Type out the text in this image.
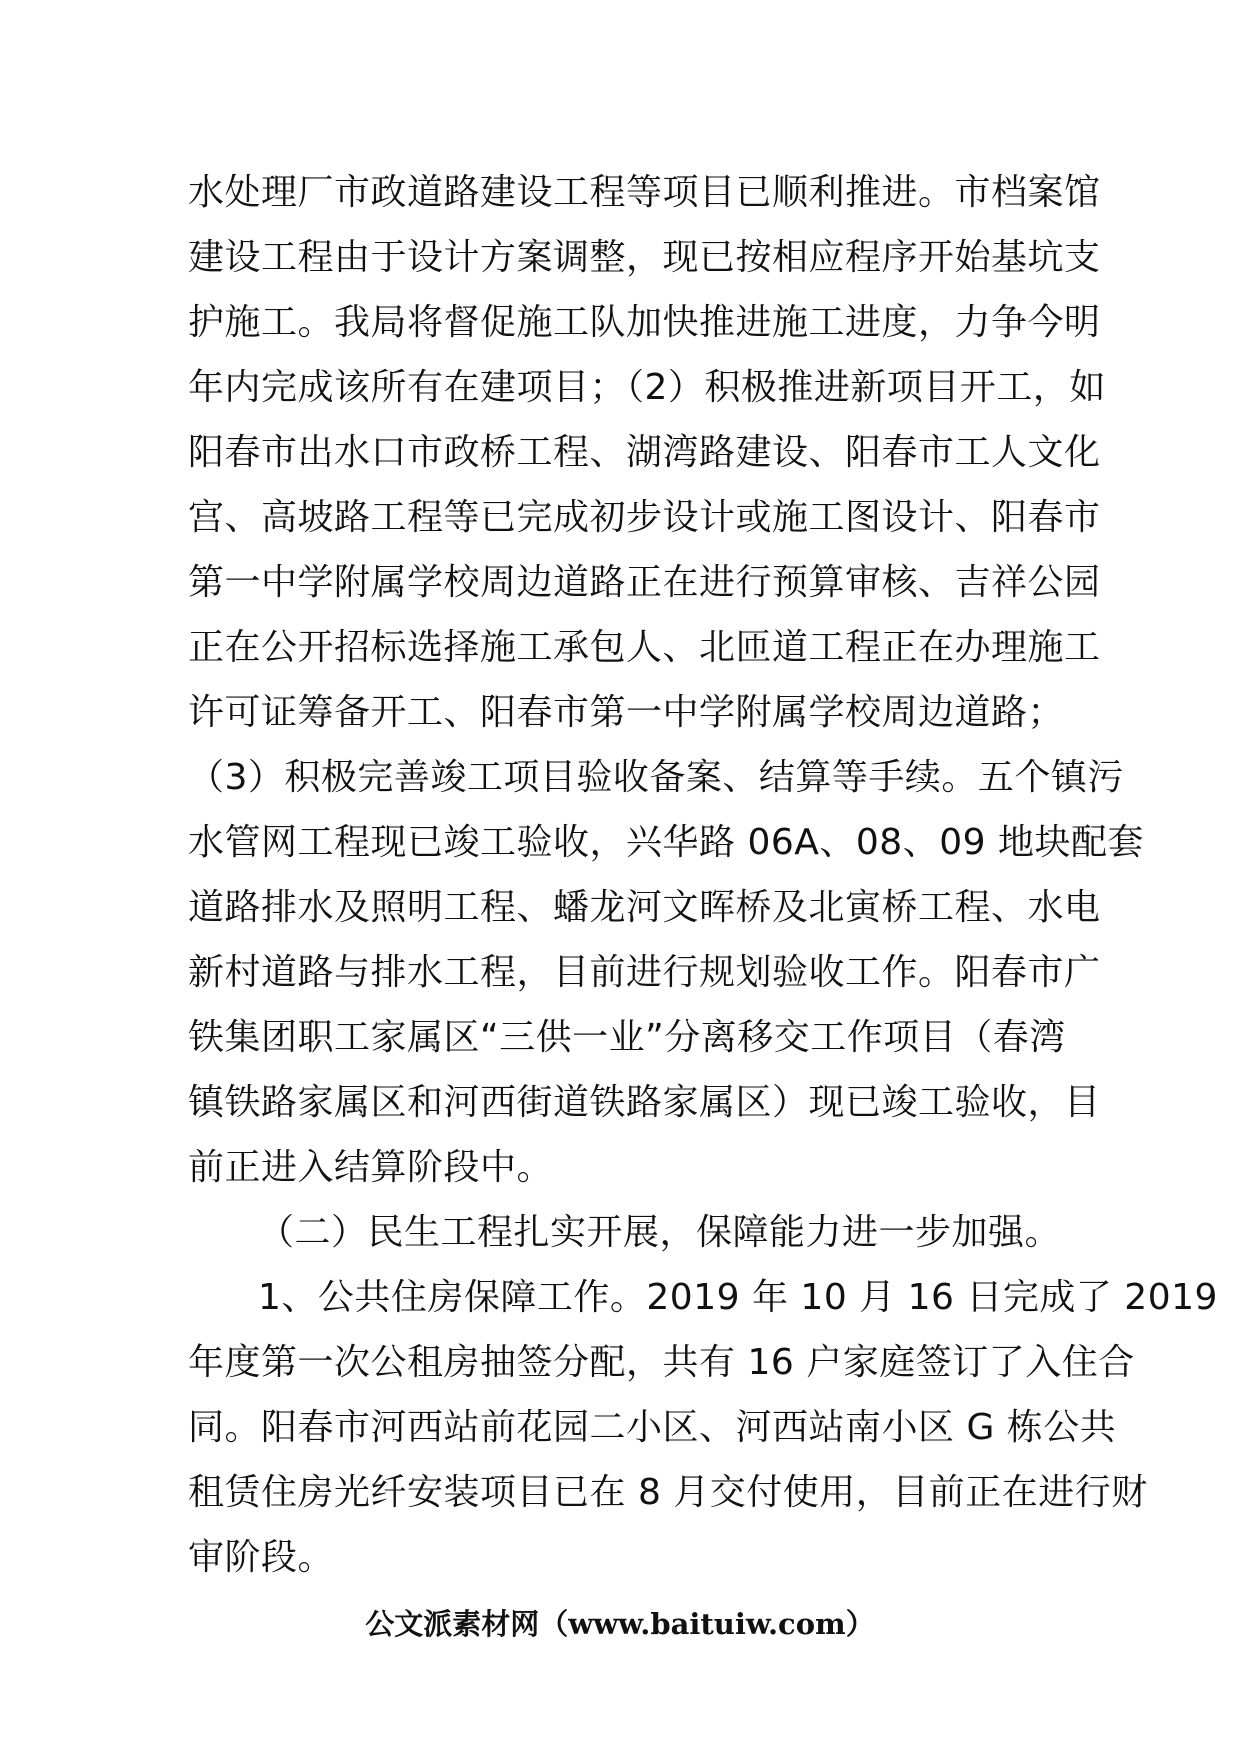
水处理厂市政道路建设工程等项目已顺利推进。市档案馆
建设工程由于设计方案调整，现已按相应程序开始基坑支
护施工。我局将督促施工队加快推进施工进度，力争今明
年内完成该所有在建项目；（2）积极推进新项目开工，如
阳春市出水口市政桥工程、湖湾路建设、阳春市工人文化
宫、高坡路工程等已完成初步设计或施工图设计、阳春市
第一中学附属学校周边道路正在进行预算审核、吉祥公园
正在公开招标选择施工承包人、北匝道工程正在办理施工
许可证筹备开工、阳春市第一中学附属学校周边道路；
（3）积极完善竣工项目验收备案、结算等手续。五个镇污
水管网工程现已竣工验收，兴华路 06A、08、09 地块配套
道路排水及照明工程、蟠龙河文晖桥及北寅桥工程、水电
新村道路与排水工程，目前进行规划验收工作。阳春市广
铁集团职工家属区“三供一业”分离移交工作项目（春湾
镇铁路家属区和河西街道铁路家属区）现已竣工验收，目
前正进入结算阶段中。
（二）民生工程扎实开展，保障能力进一步加强。
1、公共住房保障工作。2019 年 10 月 16 日完成了 2019
年度第一次公租房抽签分配，共有 16 户家庭签订了入住合
同。阳春市河西站前花园二小区、河西站南小区 G 栋公共
租赁住房光纤安装项目已在 8 月交付使用，目前正在进行财
审阶段。
公文派素材网（www.baituiw.com）
